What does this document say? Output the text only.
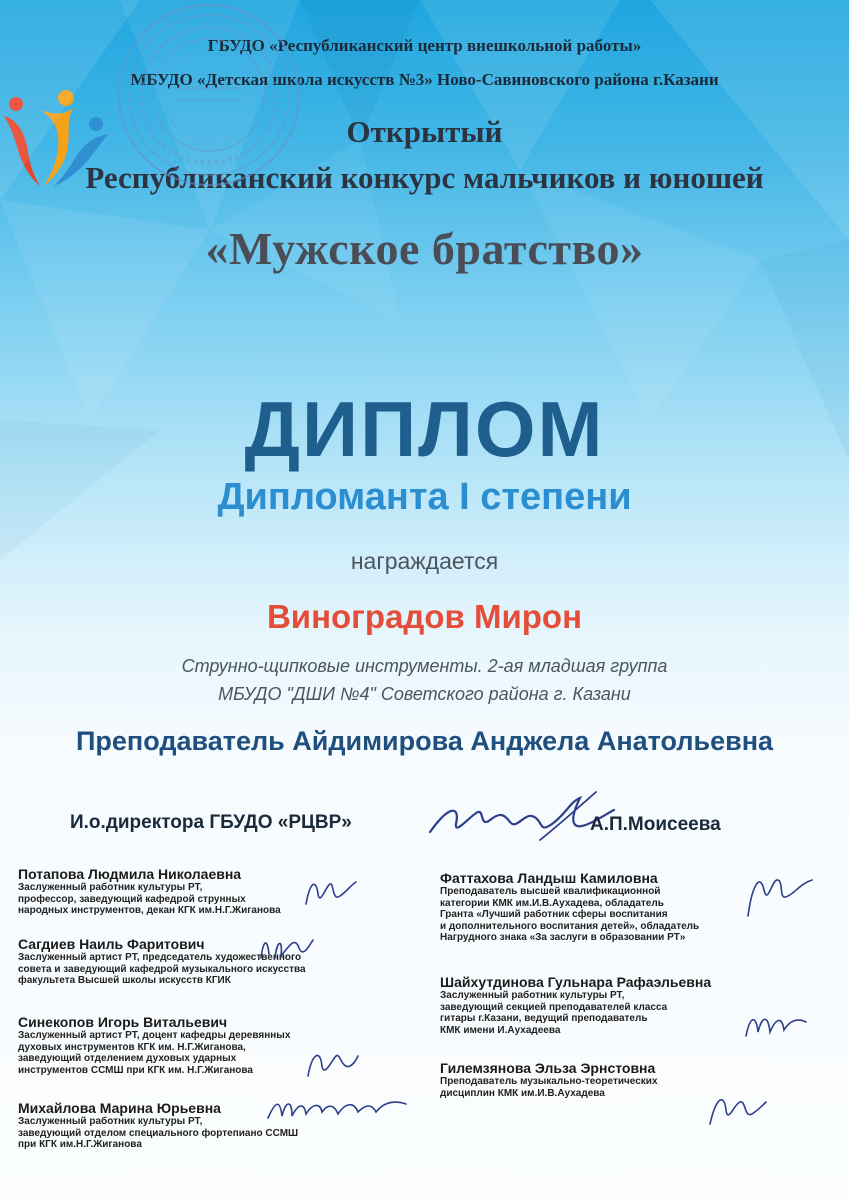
ГБУДО «Республиканский центр внешкольной работы»
МБУДО «Детская школа искусств №3» Ново-Савиновского района г.Казани
Открытый
Республиканский конкурс мальчиков и юношей
«Мужское братство»

ДИПЛОМ
Дипломанта I степени
награждается
Виноградов Мирон
Струнно-щипковые инструменты. 2-ая младшая группа
МБУДО "ДШИ №4" Советского района г. Казани
Преподаватель Айдимирова Анджела Анатольевна
И.о.директора ГБУДО «РЦВР»	А.П.Моисеева
Потапова Людмила Николаевна
Заслуженный работник культуры РТ,
профессор, заведующий кафедрой струнных
народных инструментов, декан КГК им.Н.Г.Жиганова
Сагдиев Наиль Фаритович
Заслуженный артист РТ, председатель художественного
совета и заведующий кафедрой музыкального искусства
факультета Высшей школы искусств КГИК
Синекопов Игорь Витальевич
Заслуженный артист РТ, доцент кафедры деревянных
духовых инструментов КГК им. Н.Г.Жиганова,
заведующий отделением духовых ударных
инструментов ССМШ при КГК им. Н.Г.Жиганова
Михайлова Марина Юрьевна
Заслуженный работник культуры РТ,
заведующий отделом специального фортепиано ССМШ
при КГК им.Н.Г.Жиганова
Фаттахова Ландыш Камиловна
Преподаватель высшей квалификационной
категории КМК им.И.В.Аухадева, обладатель
Гранта «Лучший работник сферы воспитания
и дополнительного воспитания детей», обладатель
Нагрудного знака «За заслуги в образовании РТ»
Шайхутдинова Гульнара Рафаэльевна
Заслуженный работник культуры РТ,
заведующий секцией преподавателей класса
гитары г.Казани, ведущий преподаватель
КМК имени И.Аухадеева
Гилемзянова Эльза Эрнстовна
Преподаватель музыкально-теоретических
дисциплин КМК им.И.В.Аухадева
